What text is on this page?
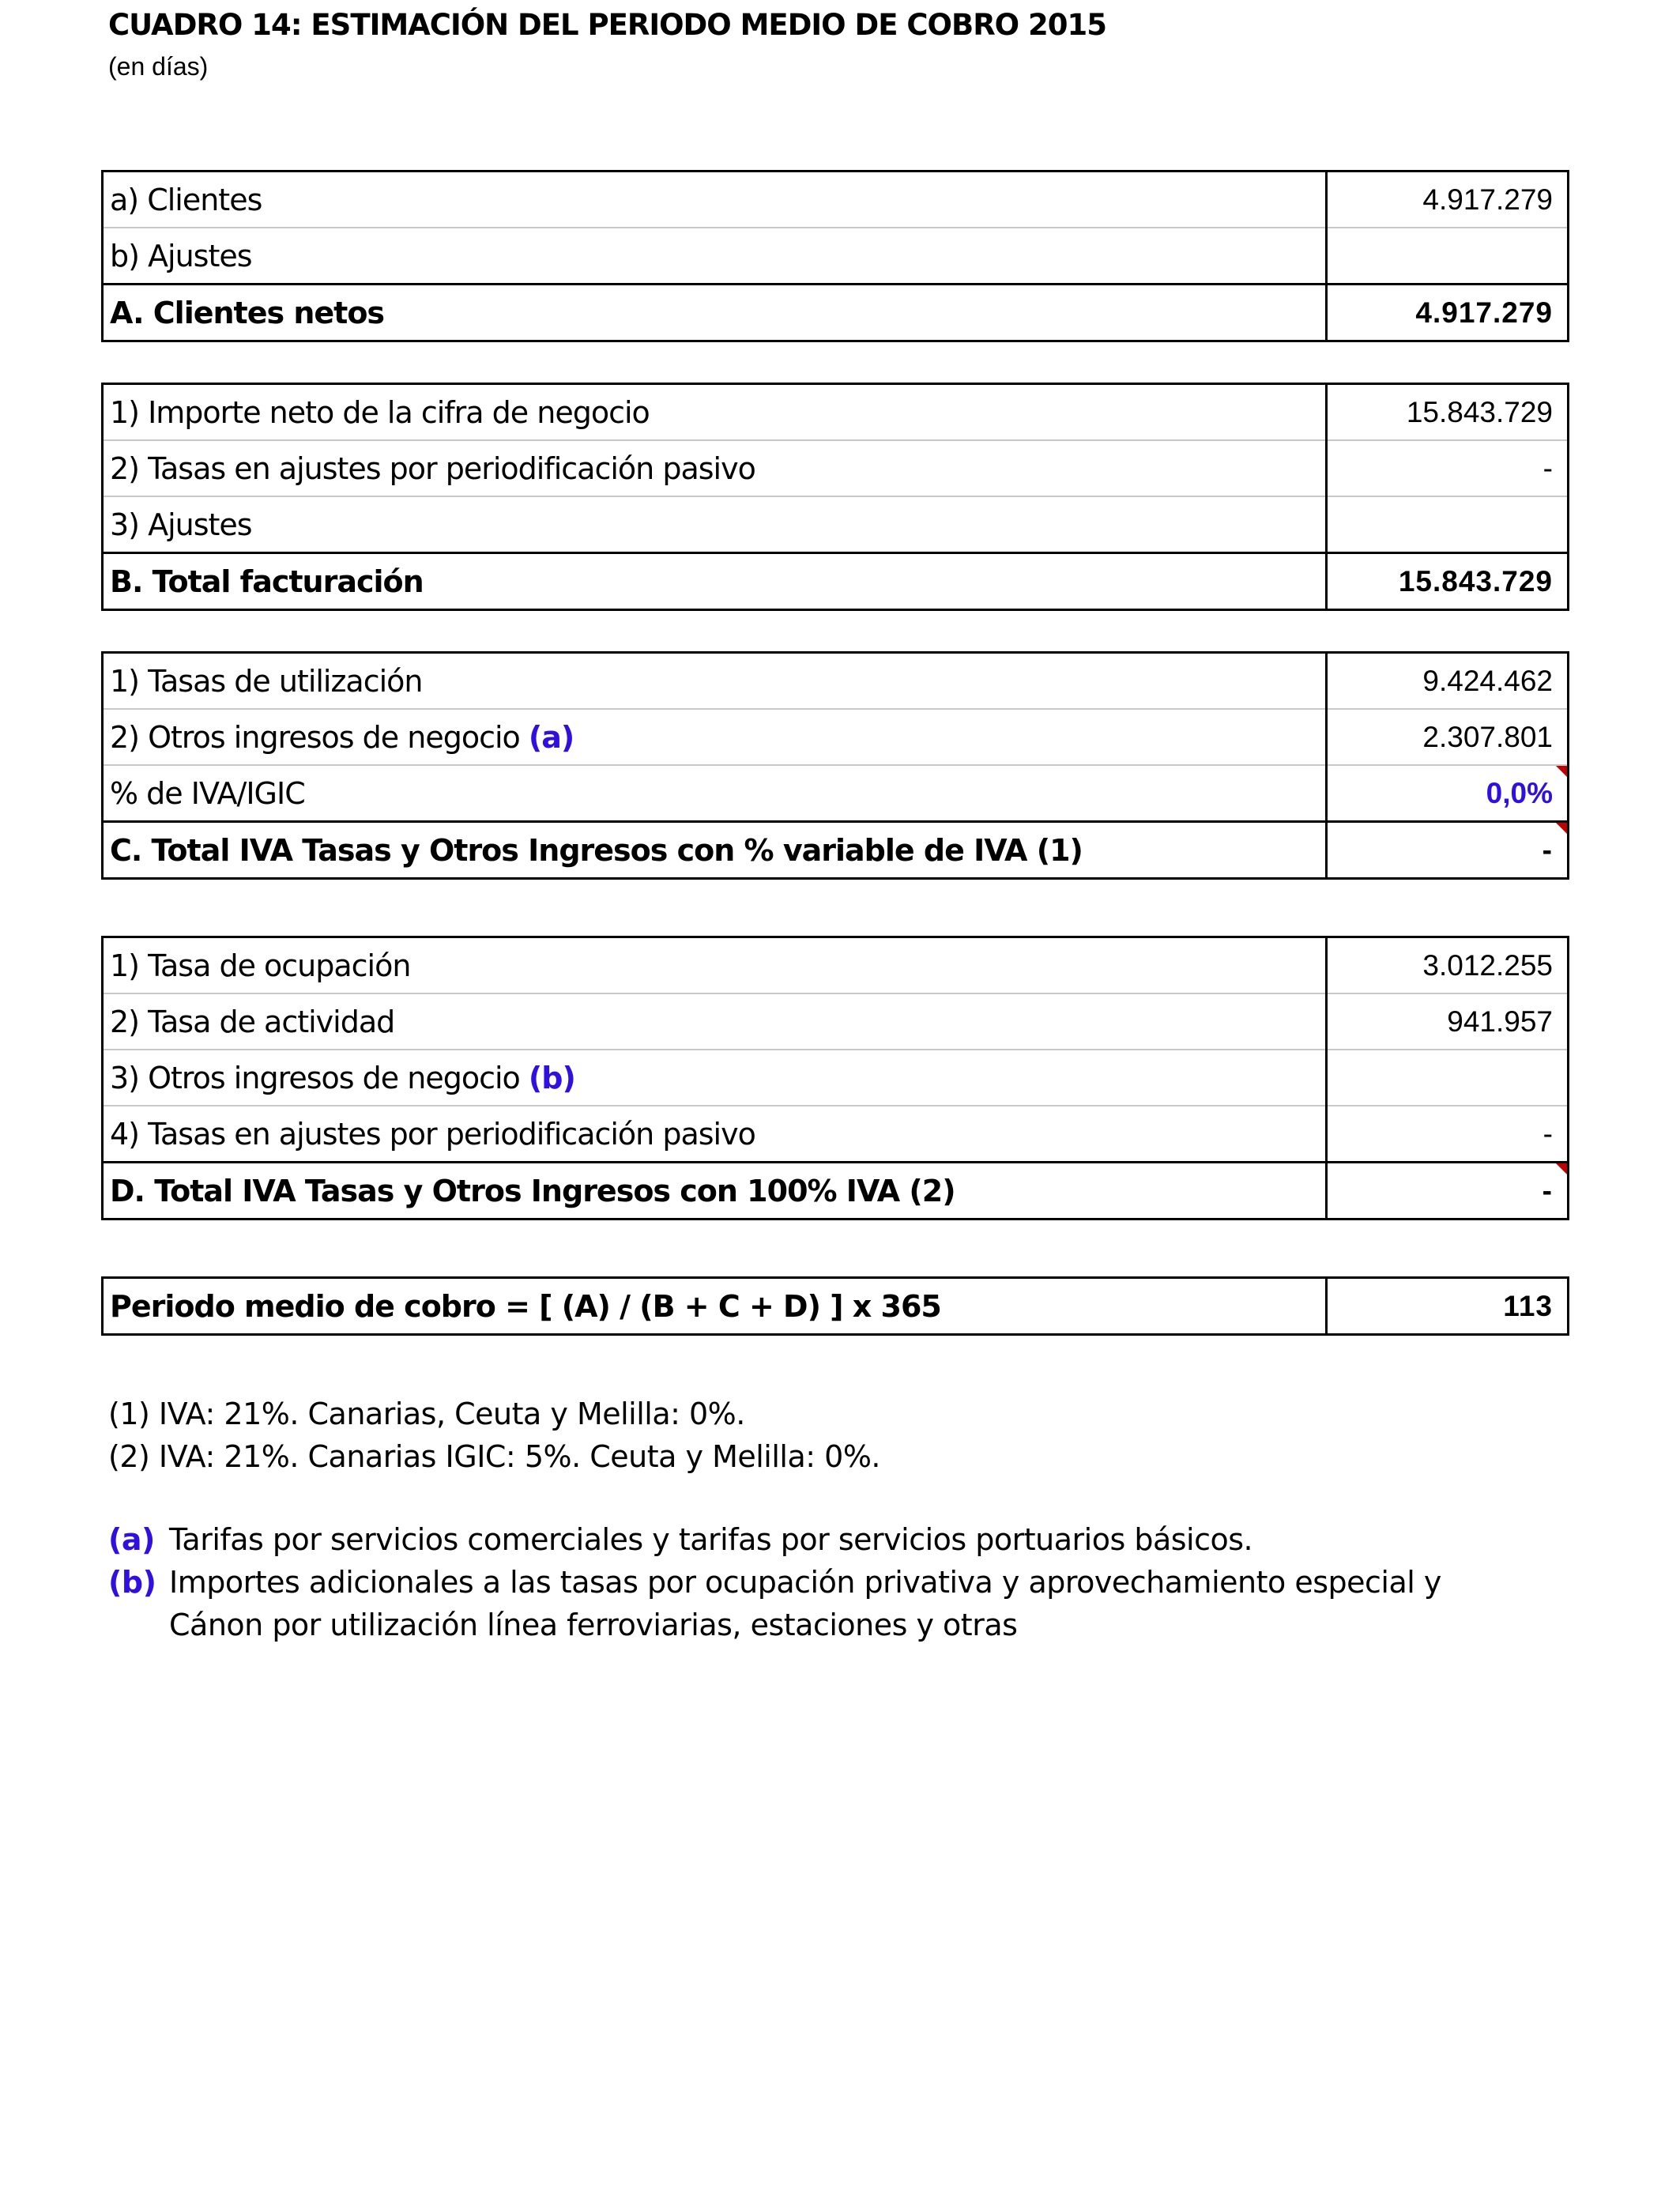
CUADRO 14: ESTIMACIÓN DEL PERIODO MEDIO DE COBRO 2015
(en días)
a) Clientes	4.917.279
b) Ajustes	
A. Clientes netos	4.917.279
1) Importe neto de la cifra de negocio	15.843.729
2) Tasas en ajustes por periodificación pasivo	-
3) Ajustes	
B. Total facturación	15.843.729
1) Tasas de utilización	9.424.462
2) Otros ingresos de negocio (a)	2.307.801
% de IVA/IGIC	0,0%

C. Total IVA Tasas y Otros Ingresos con % variable de IVA (1)	-
1) Tasa de ocupación	3.012.255
2) Tasa de actividad	941.957
3) Otros ingresos de negocio (b)	
4) Tasas en ajustes por periodificación pasivo	-
D. Total IVA Tasas y Otros Ingresos con 100% IVA (2)	-
Periodo medio de cobro = [ (A) / (B + C + D) ] x 365	113
(1) IVA: 21%. Canarias, Ceuta y Melilla: 0%.
(2) IVA: 21%. Canarias IGIC: 5%. Ceuta y Melilla: 0%.
(a) Tarifas por servicios comerciales y tarifas por servicios portuarios básicos.
(b) Importes adicionales a las tasas por ocupación privativa y aprovechamiento especial y
Cánon por utilización línea ferroviarias, estaciones y otras
